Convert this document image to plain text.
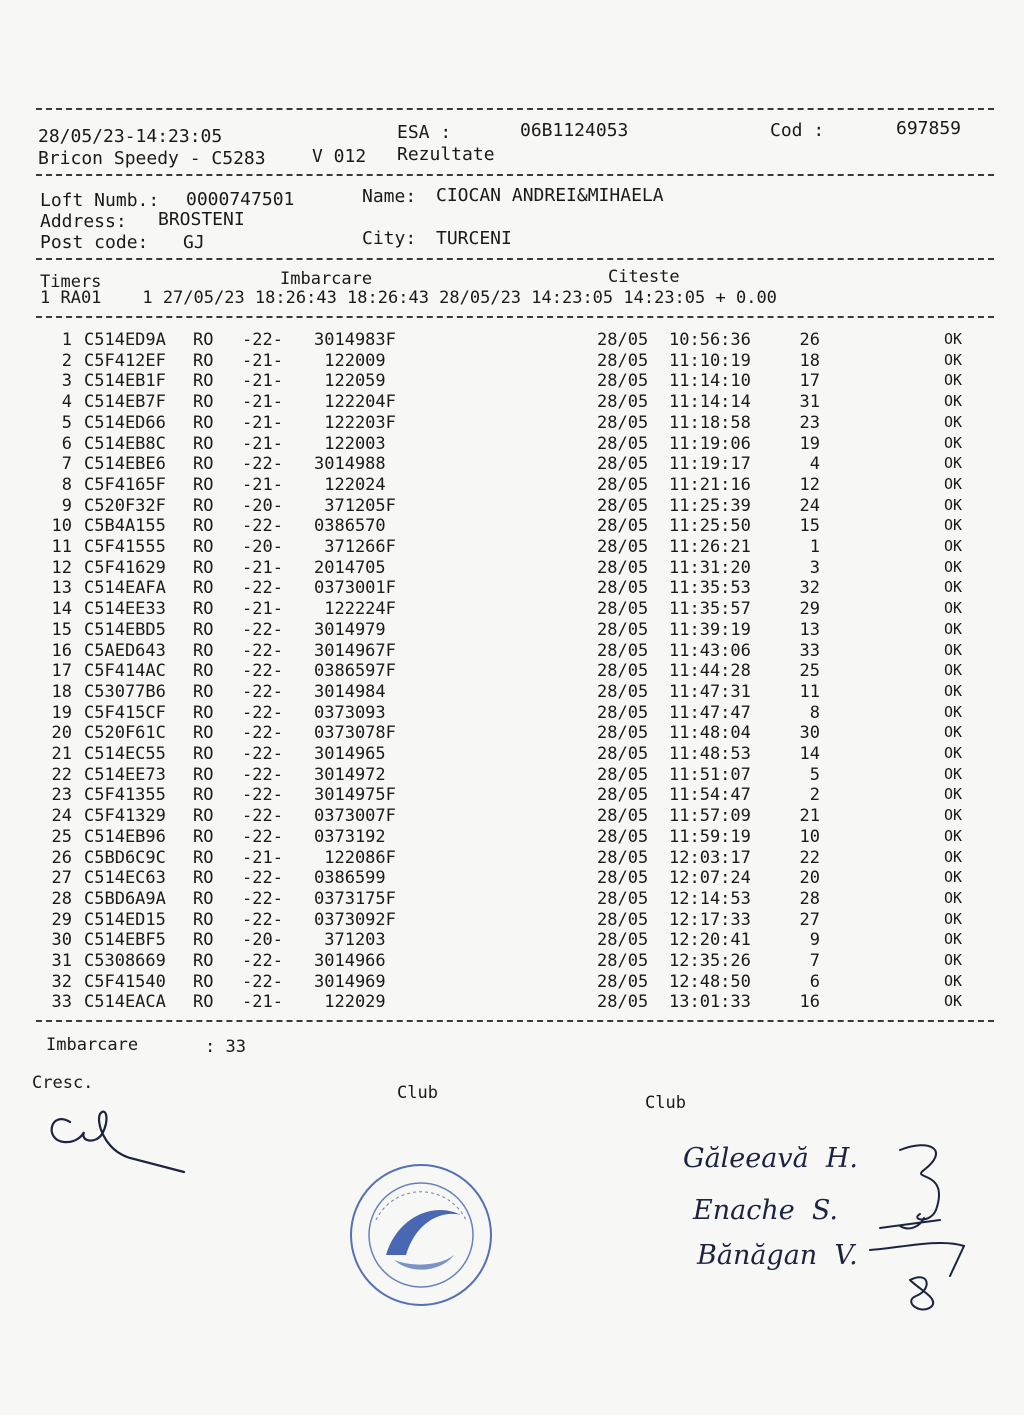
28/05/23-14:23:05	ESA :	06B1124053	Cod :	697859
Bricon Speedy - C5283	V 012 Rezultate
Loft Numb.: 0000747501	Name: CIOCAN ANDREI&MIHAELA
Address: BROSTENI
Post code: GJ	City: TURCENI
Timers	Imbarcare	Citeste
1 RA01    1 27/05/23 18:26:43 18:26:43 28/05/23 14:23:05 14:23:05 + 0.00
1 C514ED9A RO -22- 3014983F	28/05 10:56:36	26	OK
2 C5F412EF RO -21- 122009	28/05 11:10:19	18	OK
3 C514EB1F RO -21- 122059	28/05 11:14:10	17	OK
4 C514EB7F RO -21- 122204F	28/05 11:14:14	31	OK
5 C514ED66 RO -21- 122203F	28/05 11:18:58	23	OK
6 C514EB8C RO -21- 122003	28/05 11:19:06	19	OK
7 C514EBE6 RO -22- 3014988	28/05 11:19:17	4	OK
8 C5F4165F RO -21- 122024	28/05 11:21:16	12	OK
9 C520F32F RO -20- 371205F	28/05 11:25:39	24	OK
10 C5B4A155 RO -22- 0386570	28/05 11:25:50	15	OK
11 C5F41555 RO -20- 371266F	28/05 11:26:21	1	OK
12 C5F41629 RO -21- 2014705	28/05 11:31:20	3	OK
13 C514EAFA RO -22- 0373001F	28/05 11:35:53	32	OK
14 C514EE33 RO -21- 122224F	28/05 11:35:57	29	OK
15 C514EBD5 RO -22- 3014979	28/05 11:39:19	13	OK
16 C5AED643 RO -22- 3014967F	28/05 11:43:06	33	OK
17 C5F414AC RO -22- 0386597F	28/05 11:44:28	25	OK
18 C53077B6 RO -22- 3014984	28/05 11:47:31	11	OK
19 C5F415CF RO -22- 0373093	28/05 11:47:47	8	OK
20 C520F61C RO -22- 0373078F	28/05 11:48:04	30	OK
21 C514EC55 RO -22- 3014965	28/05 11:48:53	14	OK
22 C514EE73 RO -22- 3014972	28/05 11:51:07	5	OK
23 C5F41355 RO -22- 3014975F	28/05 11:54:47	2	OK
24 C5F41329 RO -22- 0373007F	28/05 11:57:09	21	OK
25 C514EB96 RO -22- 0373192	28/05 11:59:19	10	OK
26 C5BD6C9C RO -21- 122086F	28/05 12:03:17	22	OK
27 C514EC63 RO -22- 0386599	28/05 12:07:24	20	OK
28 C5BD6A9A RO -22- 0373175F	28/05 12:14:53	28	OK
29 C514ED15 RO -22- 0373092F	28/05 12:17:33	27	OK
30 C514EBF5 RO -20- 371203	28/05 12:20:41	9	OK
31 C5308669 RO -22- 3014966	28/05 12:35:26	7	OK
32 C5F41540 RO -22- 3014969	28/05 12:48:50	6	OK
33 C514EACA RO -21- 122029	28/05 13:01:33	16	OK
Imbarcare	: 33
Cresc.	Club	Club
Găleeavă  H.
Enache  S.
Bănăgan  V.
